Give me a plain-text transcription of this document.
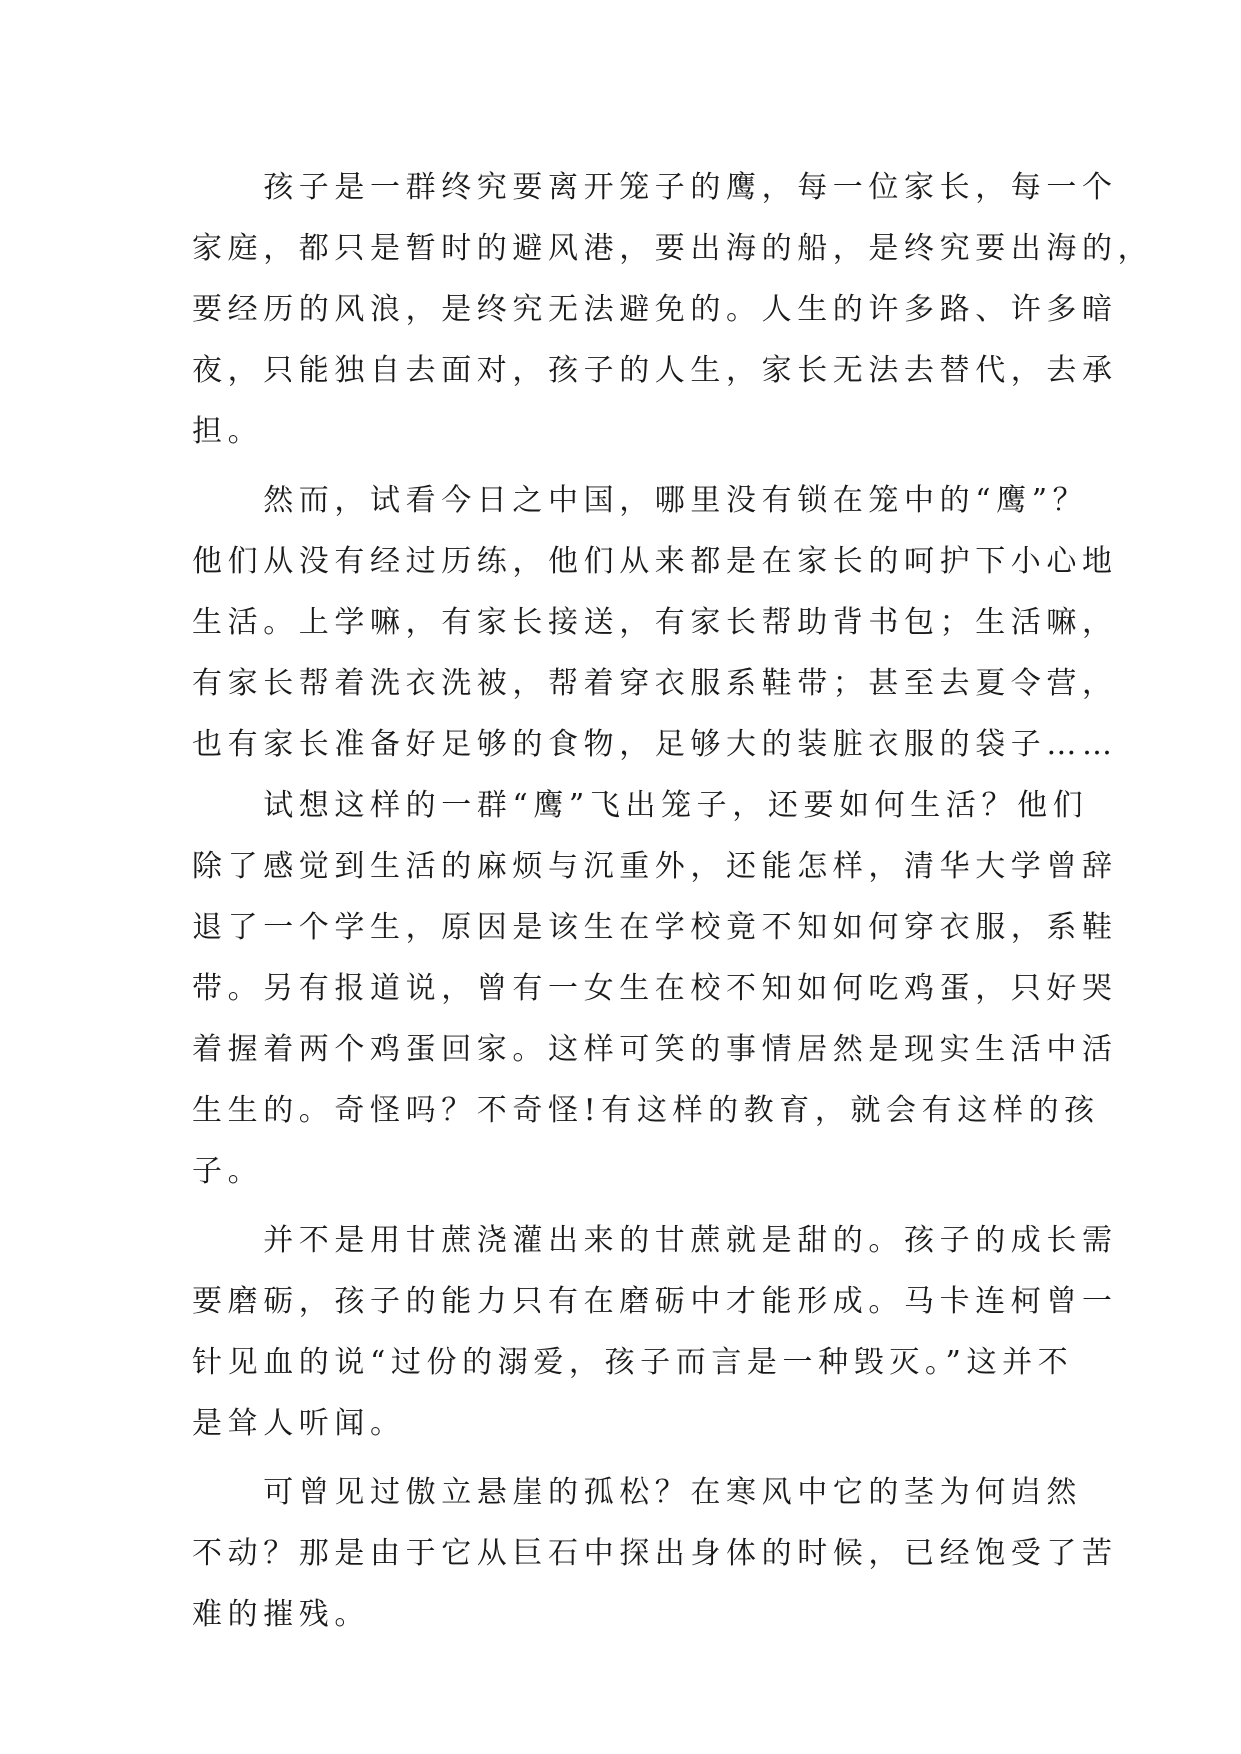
　　孩子是一群终究要离开笼子的鹰，每一位家长，每一个
家庭，都只是暂时的避风港，要出海的船，是终究要出海的，
要经历的风浪，是终究无法避免的。人生的许多路、许多暗
夜，只能独自去面对，孩子的人生，家长无法去替代，去承
担。
　　然而，试看今日之中国，哪里没有锁在笼中的“鹰”？
他们从没有经过历练，他们从来都是在家长的呵护下小心地
生活。上学嘛，有家长接送，有家长帮助背书包；生活嘛，
有家长帮着洗衣洗被，帮着穿衣服系鞋带；甚至去夏令营，
也有家长准备好足够的食物，足够大的装脏衣服的袋子……
　　试想这样的一群“鹰”飞出笼子，还要如何生活？他们
除了感觉到生活的麻烦与沉重外，还能怎样，清华大学曾辞
退了一个学生，原因是该生在学校竟不知如何穿衣服，系鞋
带。另有报道说，曾有一女生在校不知如何吃鸡蛋，只好哭
着握着两个鸡蛋回家。这样可笑的事情居然是现实生活中活
生生的。奇怪吗？不奇怪!有这样的教育，就会有这样的孩
子。
　　并不是用甘蔗浇灌出来的甘蔗就是甜的。孩子的成长需
要磨砺，孩子的能力只有在磨砺中才能形成。马卡连柯曾一
针见血的说“过份的溺爱，孩子而言是一种毁灭。”这并不
是耸人听闻。
　　可曾见过傲立悬崖的孤松？在寒风中它的茎为何岿然
不动？那是由于它从巨石中探出身体的时候，已经饱受了苦
难的摧残。
